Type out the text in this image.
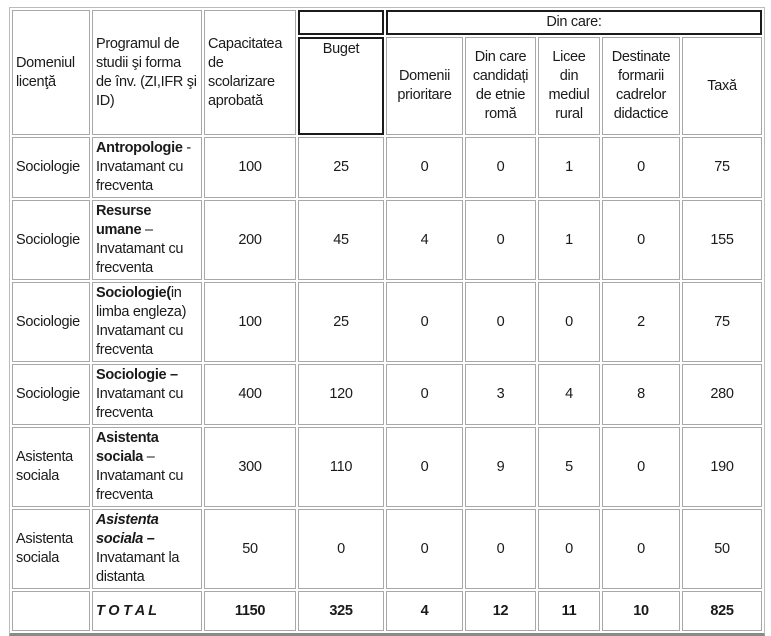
Domeniul licenţă	Programul de studii şi forma de înv. (ZI,IFR şi ID)	Capacitatea de scolarizare aprobată		Din care:				
			Buget	Domenii prioritare	Din care candidați de etnie romă	Licee din mediul rural	Destinate formarii cadrelor didactice	Taxă
Sociologie	Antropologie - Invatamant cu frecventa	100	25	0	0	1	0	75
Sociologie	Resurse umane – Invatamant cu frecventa	200	45	4	0	1	0	155
Sociologie	Sociologie(in limba engleza) Invatamant cu frecventa	100	25	0	0	0	2	75
Sociologie	Sociologie – Invatamant cu frecventa	400	120	0	3	4	8	280
Asistenta sociala	Asistenta sociala – Invatamant cu frecventa	300	110	0	9	5	0	190
Asistenta sociala	Asistenta sociala – Invatamant la distanta	50	0	0	0	0	0	50
	T O T A L	1150	325	4	12	11	10	825
